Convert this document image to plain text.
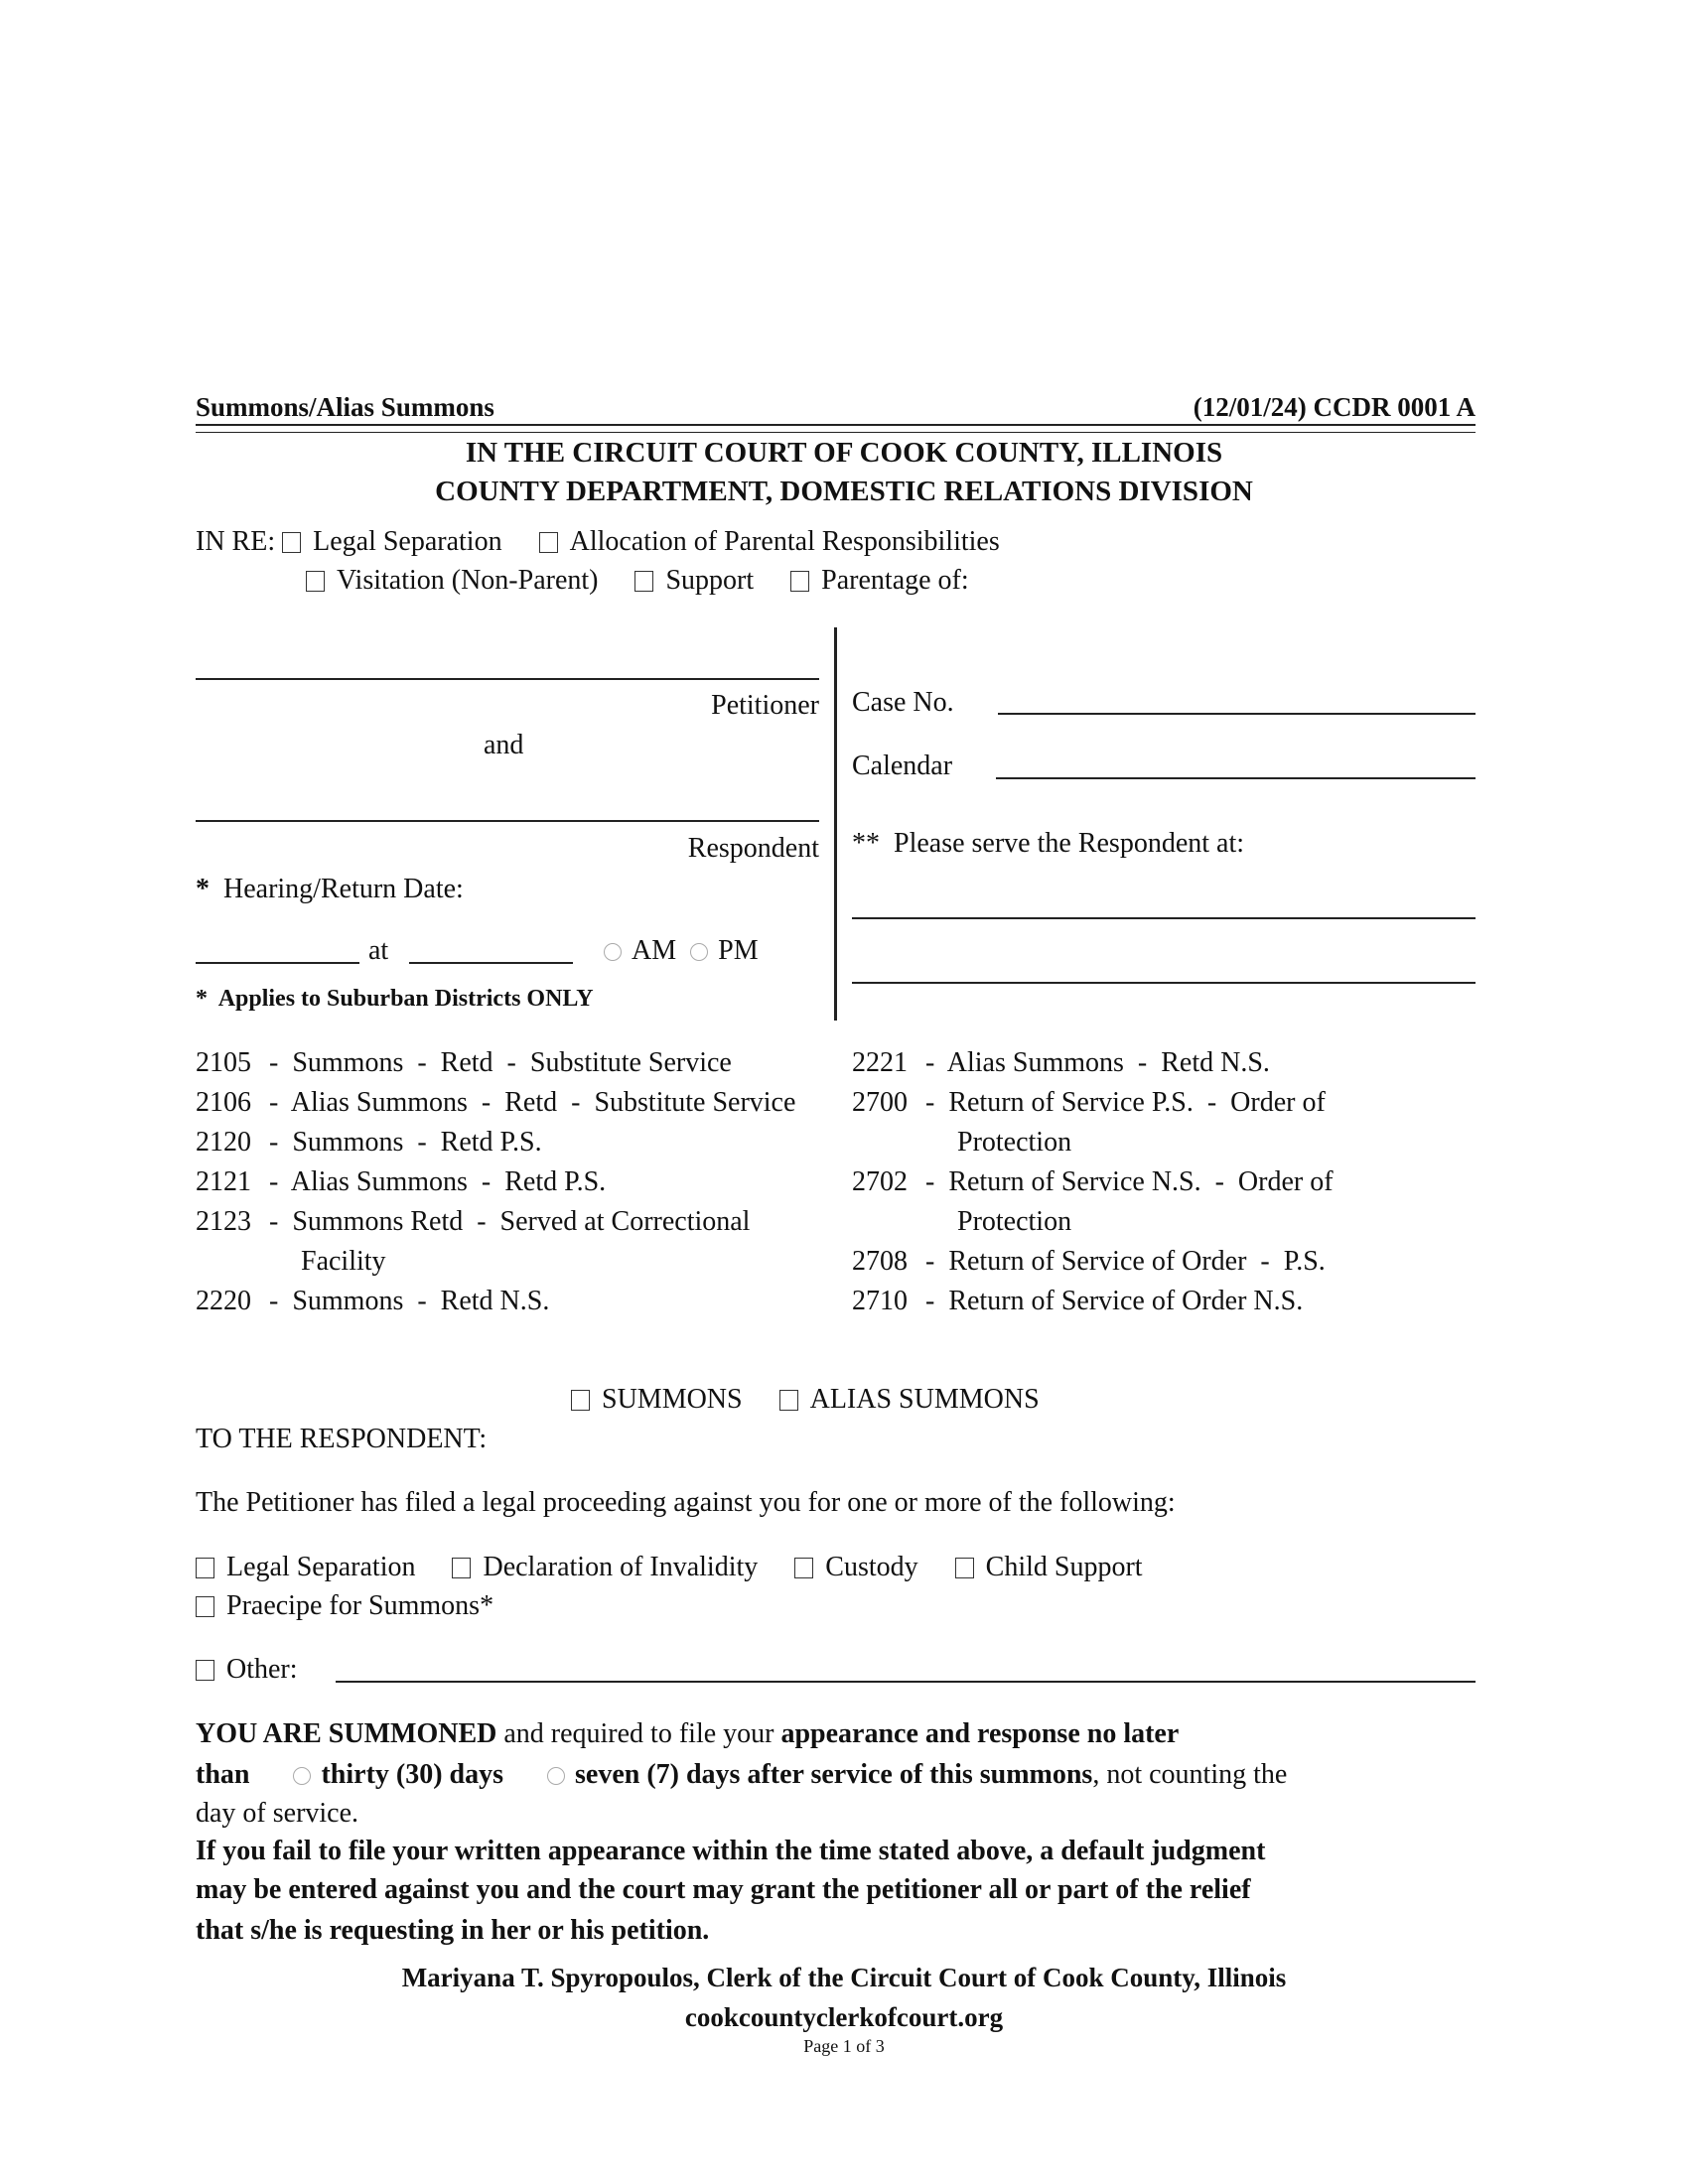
Summons/Alias Summons	(12/01/24) CCDR 0001 A
IN THE CIRCUIT COURT OF COOK COUNTY, ILLINOIS
COUNTY DEPARTMENT, DOMESTIC RELATIONS DIVISION
IN RE: Legal Separation Allocation of Parental Responsibilities
Visitation (Non-Parent) Support Parentage of:
Petitioner
and
Respondent
* Hearing/Return Date:
at	AM PM
* Applies to Suburban Districts ONLY
Case No.
Calendar
** Please serve the Respondent at:
2105 -  Summons  -  Retd  -  Substitute Service
2106 -  Alias Summons  -  Retd  -  Substitute Service
2120 -  Summons  -  Retd P.S.
2121 -  Alias Summons  -  Retd P.S.
2123 -  Summons Retd  -  Served at Correctional Facility
2220 -  Summons  -  Retd N.S.
2221 -  Alias Summons  -  Retd N.S.
2700 -  Return of Service P.S.  -  Order of Protection
2702 -  Return of Service N.S.  -  Order of Protection
2708 -  Return of Service of Order  -  P.S.
2710 -  Return of Service of Order N.S.
SUMMONS ALIAS SUMMONS
TO THE RESPONDENT:
The Petitioner has filed a legal proceeding against you for one or more of the following:
Legal Separation Declaration of Invalidity Custody Child Support
Praecipe for Summons*
Other:
YOU ARE SUMMONED and required to file your appearance and response no later
than	thirty (30) days	seven (7) days after service of this summons, not counting the
day of service.
If you fail to file your written appearance within the time stated above, a default judgment
may be entered against you and the court may grant the petitioner all or part of the relief
that s/he is requesting in her or his petition.
Mariyana T. Spyropoulos, Clerk of the Circuit Court of Cook County, Illinois
cookcountyclerkofcourt.org
Page 1 of 3
